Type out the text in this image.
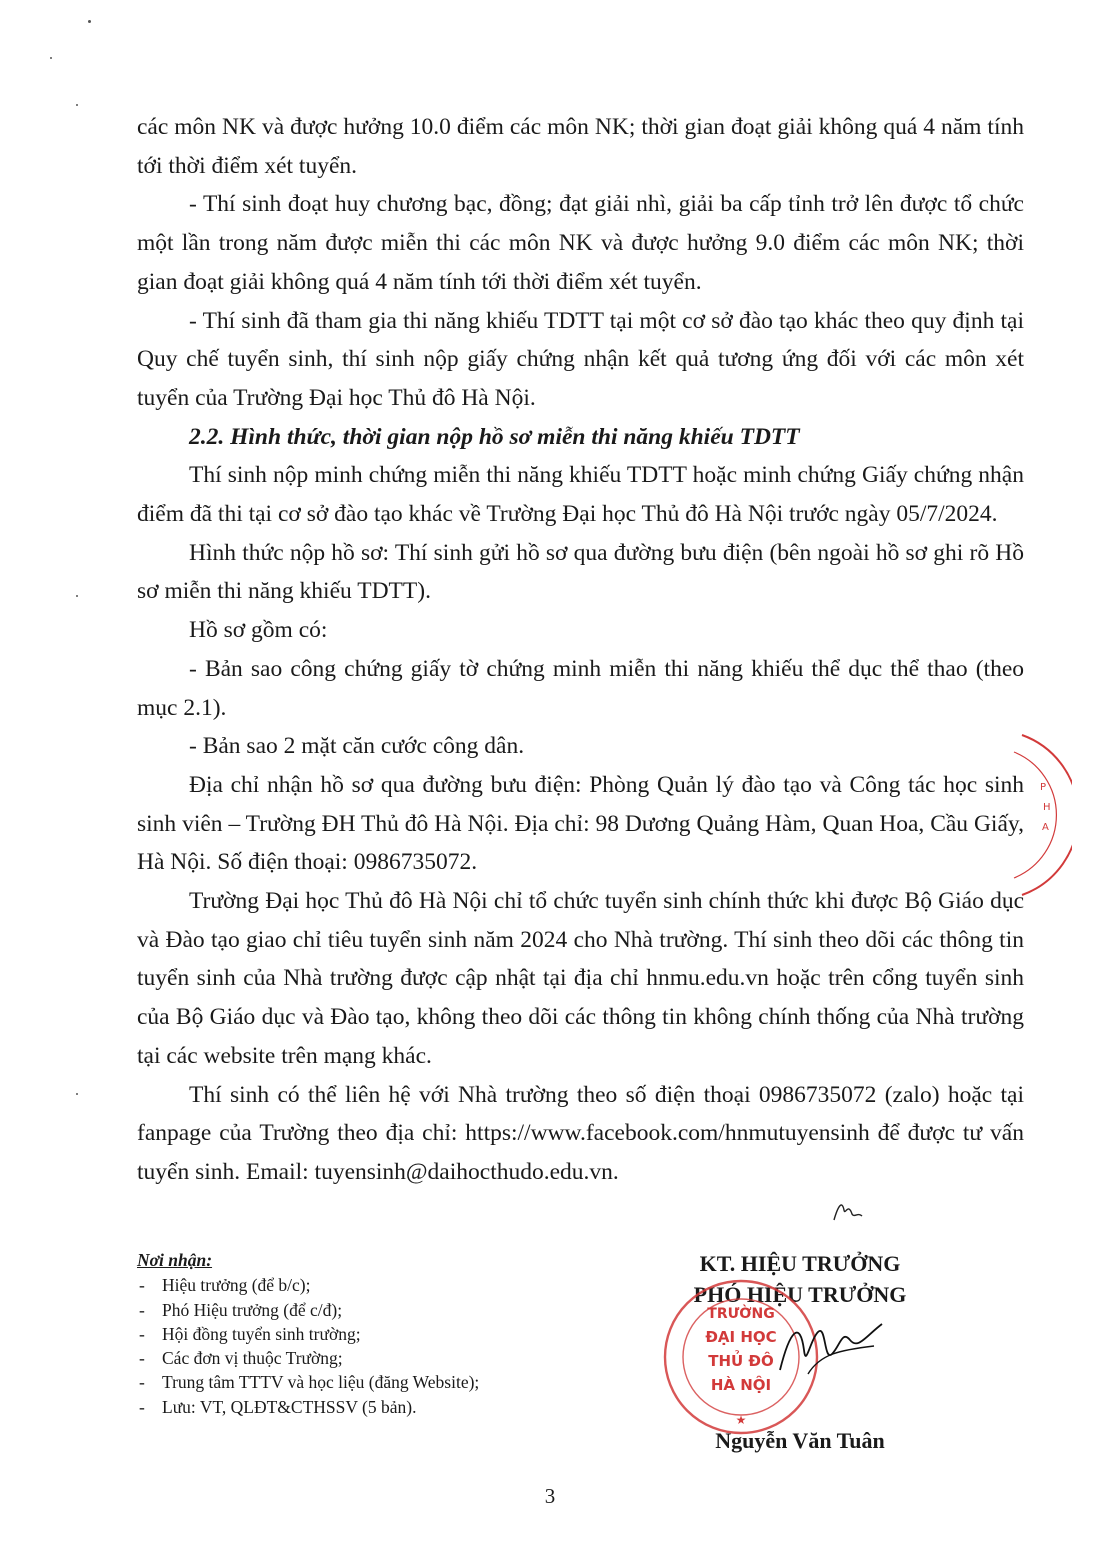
các môn NK và được hưởng 10.0 điểm các môn NK; thời gian đoạt giải không quá 4 năm tính tới thời điểm xét tuyển.

- Thí sinh đoạt huy chương bạc, đồng; đạt giải nhì, giải ba cấp tỉnh trở lên được tổ chức một lần trong năm được miễn thi các môn NK và được hưởng 9.0 điểm các môn NK; thời gian đoạt giải không quá 4 năm tính tới thời điểm xét tuyển.

- Thí sinh đã tham gia thi năng khiếu TDTT tại một cơ sở đào tạo khác theo quy định tại Quy chế tuyển sinh, thí sinh nộp giấy chứng nhận kết quả tương ứng đối với các môn xét tuyển của Trường Đại học Thủ đô Hà Nội.

2.2. Hình thức, thời gian nộp hồ sơ miễn thi năng khiếu TDTT

Thí sinh nộp minh chứng miễn thi năng khiếu TDTT hoặc minh chứng Giấy chứng nhận điểm đã thi tại cơ sở đào tạo khác về Trường Đại học Thủ đô Hà Nội trước ngày 05/7/2024.

Hình thức nộp hồ sơ: Thí sinh gửi hồ sơ qua đường bưu điện (bên ngoài hồ sơ ghi rõ Hồ sơ miễn thi năng khiếu TDTT).

Hồ sơ gồm có:

- Bản sao công chứng giấy tờ chứng minh miễn thi năng khiếu thể dục thể thao (theo mục 2.1).

- Bản sao 2 mặt căn cước công dân.

Địa chỉ nhận hồ sơ qua đường bưu điện: Phòng Quản lý đào tạo và Công tác học sinh sinh viên – Trường ĐH Thủ đô Hà Nội. Địa chỉ: 98 Dương Quảng Hàm, Quan Hoa, Cầu Giấy, Hà Nội. Số điện thoại: 0986735072.

Trường Đại học Thủ đô Hà Nội chỉ tổ chức tuyển sinh chính thức khi được Bộ Giáo dục và Đào tạo giao chỉ tiêu tuyển sinh năm 2024 cho Nhà trường. Thí sinh theo dõi các thông tin tuyển sinh của Nhà trường được cập nhật tại địa chỉ hnmu.edu.vn hoặc trên cổng tuyển sinh của Bộ Giáo dục và Đào tạo, không theo dõi các thông tin không chính thống của Nhà trường tại các website trên mạng khác.

Thí sinh có thể liên hệ với Nhà trường theo số điện thoại 0986735072 (zalo) hoặc tại fanpage của Trường theo địa chỉ: https://www.facebook.com/hnmutuyensinh để được tư vấn tuyển sinh. Email: tuyensinh@daihocthudo.edu.vn.

P
H
A
Nơi nhận:
- Hiệu trưởng (để b/c);
- Phó Hiệu trưởng (để c/đ);
- Hội đồng tuyển sinh trường;
- Các đơn vị thuộc Trường;
- Trung tâm TTTV và học liệu (đăng Website);
- Lưu: VT, QLĐT&CTHSSV (5 bản).
KT. HIỆU TRƯỞNG
PHÓ HIỆU TRƯỞNG
★
TRƯỜNG
ĐẠI HỌC
THỦ ĐÔ
HÀ NỘI
Nguyễn Văn Tuân
3
